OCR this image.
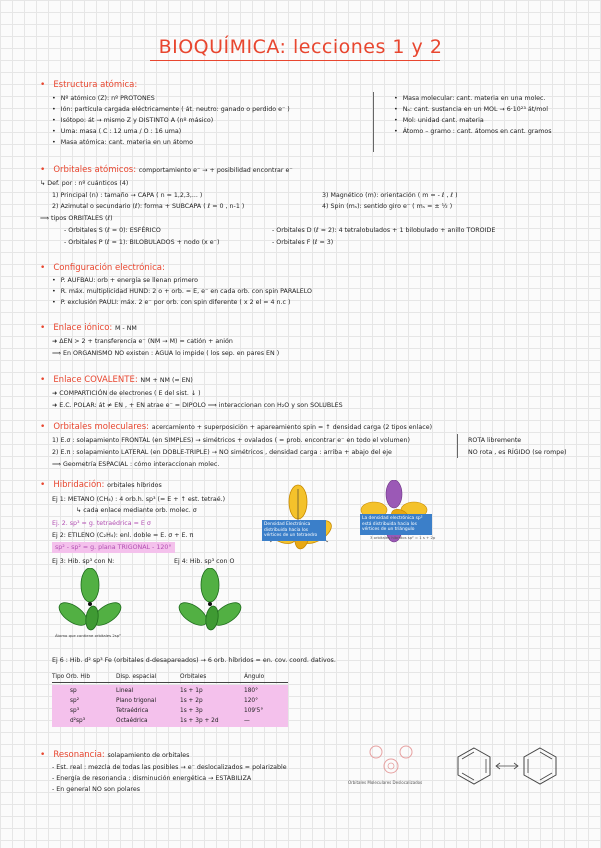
BIOQUÍMICA: lecciones 1 y 2
• Estructura atómica:
• Nº atómico (Z): nº PROTONES
• Ión: partícula cargada eléctricamente ( át. neutro: ganado o perdido e⁻ )
• Isótopo: át → mismo Z y DISTINTO A (nº másico)
• Uma: masa ( C : 12 uma / O : 16 uma)
• Masa atómica: cant. materia en un átomo
• Masa molecular: cant. materia en una molec.
• Nₐ: cant. sustancia en un MOL → 6·10²³ át/mol
• Mol: unidad cant. materia
• Átomo – gramo : cant. átomos en cant. gramos
• Orbitales atómicos: comportamiento e⁻ → + posibilidad encontrar e⁻
↳ Def. por : nº cuánticos (4)
1) Principal (n) : tamaño → CAPA ( n = 1,2,3,... )
2) Azimutal o secundario (ℓ): forma + SUBCAPA ( ℓ = 0 , n-1 )
3) Magnético (m): orientación ( m = - ℓ , ℓ )
4) Spin (mₛ): sentido giro e⁻ ( mₛ = ± ½ )
⟹ tipos ORBITALES (ℓ)
- Orbitales S (ℓ = 0): ESFÉRICO
- Orbitales P (ℓ = 1): BILOBULADOS + nodo (x e⁻)
- Orbitales D (ℓ = 2): 4 tetralobulados + 1 bilobulado + anillo TOROIDE
- Orbitales F (ℓ = 3)
• Configuración electrónica:
• P. AUFBAU: orb + energía se llenan primero
• R. máx. multiplicidad HUND: 2 o + orb. = E, e⁻ en cada orb. con spin PARALELO
• P. exclusión PAULI: máx. 2 e⁻ por orb. con spin diferente ( x 2 el = 4 n.c )
• Enlace iónico: M - NM
➜ ΔEN > 2 + transferencia e⁻ (NM → M) = catión + anión
⟹ En ORGANISMO NO existen : AGUA lo impide ( los sep. en pares EN )
• Enlace COVALENTE: NM + NM (≈ EN)
➜ COMPARTICIÓN de electrones ( E del sist. ↓ )
➜ E.C. POLAR: át ≠ EN , + EN atrae e⁻ = DIPOLO ⟹ interaccionan con H₂O y son SOLUBLES
• Orbitales moleculares: acercamiento + superposición + apareamiento spin = ↑ densidad carga (2 tipos enlace)
1) E.σ : solapamiento FRONTAL (en SIMPLES) → simétricos + ovalados ( = prob. encontrar e⁻ en todo el volumen)
2) E.π : solapamiento LATERAL (en DOBLE-TRIPLE) → NO simétricos , densidad carga : arriba + abajo del eje
ROTA libremente
NO rota , es RÍGIDO (se rompe)
⟹ Geometría ESPACIAL : cómo interaccionan molec.
• Hibridación: orbitales híbridos
Ej 1: METANO (CH₄) : 4 orb.h. sp³ (= E + ↑ est. tetraé.)
↳ cada enlace mediante orb. molec. σ
Ej. 2. sp³ = g. tetraédrica = E σ
Ej 2: ETILENO (C₂H₄): enl. doble = E. σ + E. π
sp² - sp² = g. plana TRIGONAL - 120°
Ej 3: Hib. sp³ con N:	Ej 4: Hib. sp³ con O
Densidad Electrónica distribuida hacia los vértices de un tetraedro
La densidad electrónica sp² está distribuida hacia los vértices de un triángulo
3 orbitales híbridos sp² = 1 s + 2p
Átomo que contiene orbitales 2sp³
Ej 6 : Hib. d² sp³ Fe (orbitales d-desapareados) → 6 orb. híbridos = en. cov. coord. dativos.
Tipo Orb. Hib	Disp. espacial	Orbitales	Ángulo
sp	Lineal	1s + 1p	180°
sp²	Plano trigonal	1s + 2p	120°
sp³	Tetraédrica	1s + 3p	109'5°
d²sp³	Octaédrica	1s + 3p + 2d	—
• Resonancia: solapamiento de orbitales
- Est. real : mezcla de todas las posibles → e⁻ deslocalizados = polarizable
- Energía de resonancia : disminución energética → ESTABILIZA
- En general NO son polares
Orbitales Moleculares Deslocalizados
